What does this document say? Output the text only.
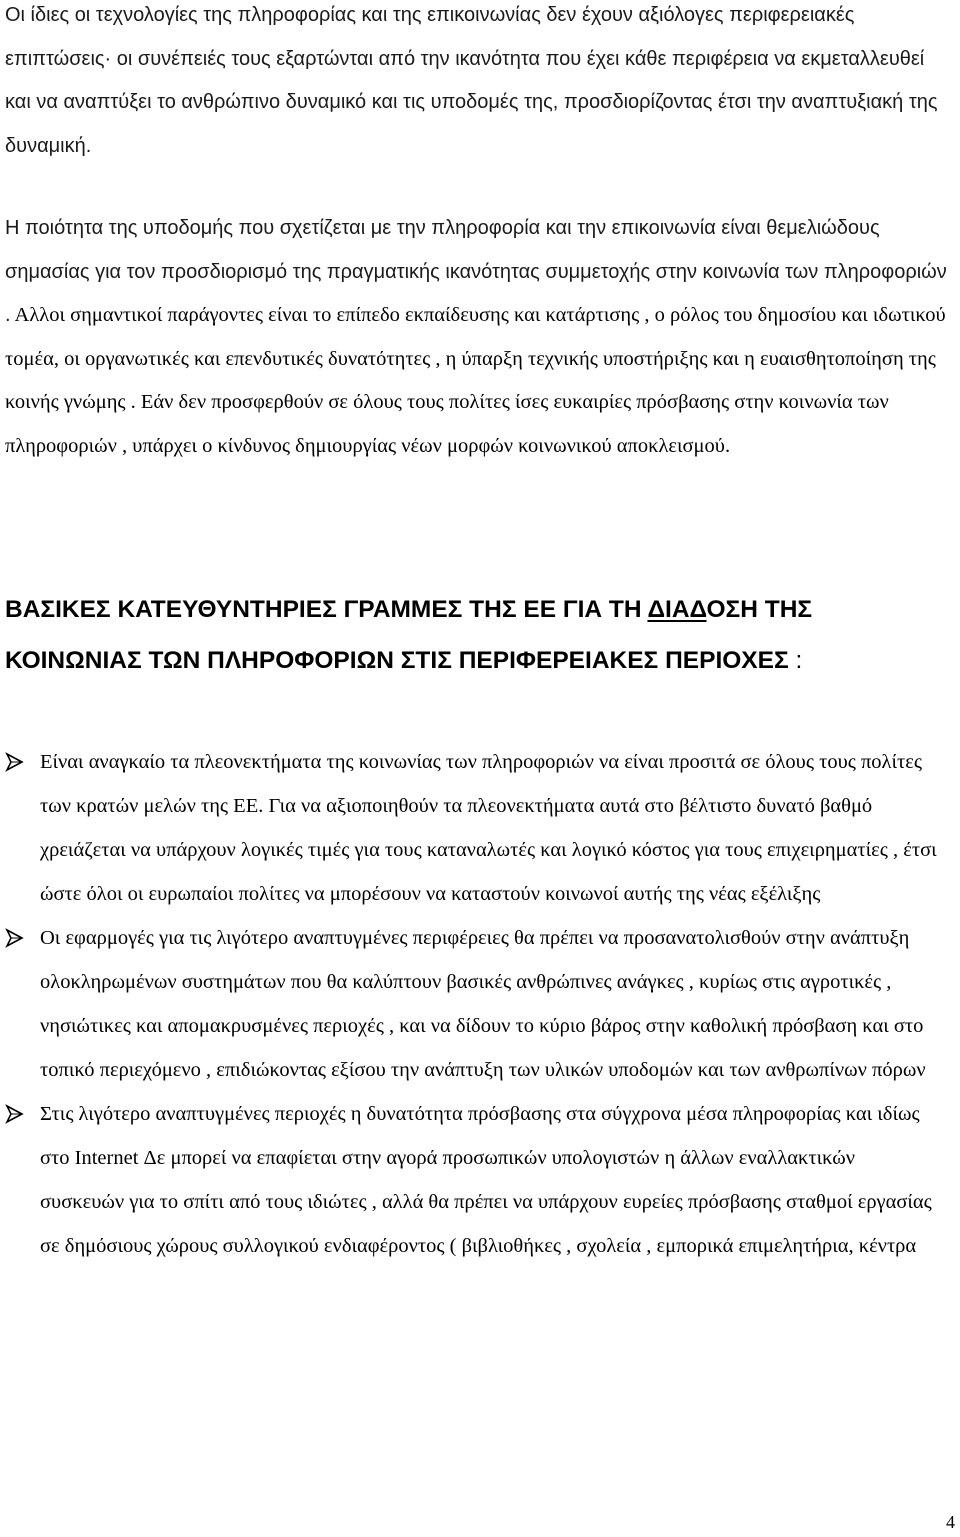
Οι ίδιες οι τεχνολογίες της πληροφορίας και της επικοινωνίας δεν έχουν αξιόλογες περιφερειακές επιπτώσεις· οι συνέπειές τους εξαρτώνται από την ικανότητα που έχει κάθε περιφέρεια να εκμεταλλευθεί και να αναπτύξει το ανθρώπινο δυναμικό και τις υποδομές της, προσδιορίζοντας έτσι την αναπτυξιακή της δυναμική.

Η ποιότητα της υποδομής που σχετίζεται με την πληροφορία και την επικοινωνία είναι θεμελιώδους σημασίας για τον προσδιορισμό της πραγματικής ικανότητας συμμετοχής στην κοινωνία των πληροφοριών . Αλλοι σημαντικοί παράγοντες είναι το επίπεδο εκπαίδευσης και κατάρτισης , ο ρόλος του δημοσίου και ιδωτικού τομέα, οι οργανωτικές και επενδυτικές δυνατότητες , η ύπαρξη τεχνικής υποστήριξης και η ευαισθητοποίηση της κοινής γνώμης . Εάν δεν προσφερθούν σε όλους τους πολίτες ίσες ευκαιρίες πρόσβασης στην κοινωνία των πληροφοριών , υπάρχει ο κίνδυνος δημιουργίας νέων μορφών κοινωνικού αποκλεισμού.

ΒΑΣΙΚΕΣ ΚΑΤΕΥΘΥΝΤΗΡΙΕΣ ΓΡΑΜΜΕΣ ΤΗΣ ΕΕ ΓΙΑ ΤΗ ΔΙΑΔΟΣΗ ΤΗΣ ΚΟΙΝΩΝΙΑΣ ΤΩΝ ΠΛΗΡΟΦΟΡΙΩΝ ΣΤΙΣ ΠΕΡΙΦΕΡΕΙΑΚΕΣ ΠΕΡΙΟΧΕΣ :
Είναι αναγκαίο τα πλεονεκτήματα της κοινωνίας των πληροφοριών να είναι προσιτά σε όλους τους πολίτες των κρατών μελών της ΕΕ. Για να αξιοποιηθούν τα πλεονεκτήματα αυτά στο βέλτιστο δυνατό βαθμό χρειάζεται να υπάρχουν λογικές τιμές για τους καταναλωτές και λογικό κόστος για τους επιχειρηματίες , έτσι ώστε όλοι οι ευρωπαίοι πολίτες να μπορέσουν να καταστούν κοινωνοί αυτής της νέας εξέλιξης
Οι εφαρμογές για τις λιγότερο αναπτυγμένες περιφέρειες θα πρέπει να προσανατολισθούν στην ανάπτυξη ολοκληρωμένων συστημάτων που θα καλύπτουν βασικές ανθρώπινες ανάγκες , κυρίως στις αγροτικές , νησιώτικες και απομακρυσμένες περιοχές , και να δίδουν το κύριο βάρος στην καθολική πρόσβαση και στο τοπικό περιεχόμενο , επιδιώκοντας εξίσου την ανάπτυξη των υλικών υποδομών και των ανθρωπίνων πόρων
Στις λιγότερο αναπτυγμένες περιοχές η δυνατότητα πρόσβασης στα σύγχρονα μέσα πληροφορίας και ιδίως στο Internet Δε μπορεί να επαφίεται στην αγορά προσωπικών υπολογιστών η άλλων εναλλακτικών συσκευών για το σπίτι από τους ιδιώτες , αλλά θα πρέπει να υπάρχουν ευρείες πρόσβασης σταθμοί εργασίας σε δημόσιους χώρους συλλογικού ενδιαφέροντος ( βιβλιοθήκες , σχολεία , εμπορικά επιμελητήρια, κέντρα
4
